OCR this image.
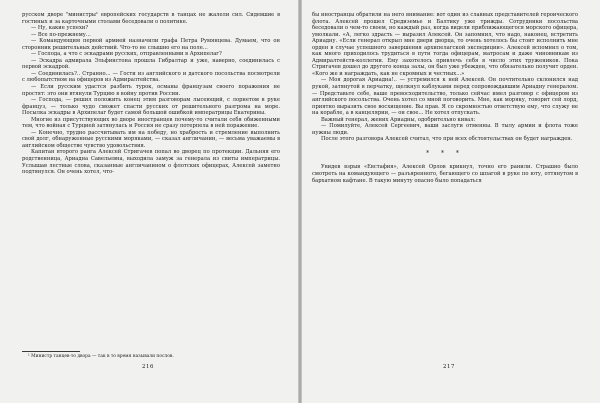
русском дворе "министры¹ европейских государств в танцах не жалели сил. Сидевшие в гостиных и за карточными столами беседовали о политике.

— Ну, какие успехи?

— Все по-прежнему...

— Командующим первой армией назначили графа Петра Румянцева. Думаем, что он сторонник решительных действий. Что-то не слышно его на поле...

— Господа, а что с эскадрами русских, отправленными в Архипелаг?

— Эскадра адмирала Эльфинстона прошла Гибралтар и уже, наверно, соединилась с первой эскадрой.

— Соединилась?.. Странно... — Гости из английского и датского посольства посмотрели с любопытством на офицеров из Адмиралтейства.

— Если русским удастся разбить турок, османы французам своего поражения не простят: это они втянули Турцию в войну против России.

— Господа, — решил положить конец этим разговорам лысеющий, с лорнетом в руке француз, — только чудо сможет спасти русских от решительного разгрома на море. Посылка эскадры в Архипелаг будет самой большой ошибкой императрицы Екатерины.

Многие из присутствующих во дворе иностранцев почему-то считали себя обиженными тем, что войная с Турцией затянулась и Россия не сразу потерпела в ней поражение.

— Конечно, трудно рассчитывать им на победу, но храбрость и стремление выполнить свой долг, обнаруженные русскими моряками, — сказал англичанин, — весьма уважаемы в английском обществе чувство удовольствия.

Капитан второго ранга Алексей Стригачев попал во дворец по протекции. Дальняя его родственница, Ариадна Савельевна, выходила замуж за генерала из свиты императрицы. Услышав лестные слова, сказанные англичанином о флотских офицерах, Алексей заметно подтянулся. Он очень хотел, что-

¹ Министр танцев-то двора — так в то время называли послов.
216

бы иностранцы обратили на него внимание: вот один из славных представителей героического флота. Алексей прошел Средиземье и Балтику уже трижды. Сотрудники посольства беседовали о чем-то своем, но каждый раз, когда видели приближающегося морского офицера, умолкали. «А, легко здрасть — выразил Алексей. Он запомнил, что надо, наконец, встретить Ариадну. «Если генерал открыл мне двери дворца, то очень хотелось бы стоит исполнить мне орден в случае успешного завершения архипелагской экспедиции». Алексей вспомнил о том, как много приходилось трудиться в пути тогда офицерам, матросам и даже чиновникам из Адмиралтейств-коллегии. Ему захотелось привлечь себя в число этих тружеников. Пока Стригачев дошел до другого конца залы, он был уже убежден, что обязательно получит орден. «Кого же и награждать, как не скромных и честных...»

— Моя дорогая Ариадна!.. — устремился к ней Алексей. Он почтительно склонился над рукой, затянутой в перчатку, щелкнул каблуками перед сопровождавшим Ариадну генералом. — Представьте себе, ваше превосходительство, только сейчас имел разговор с офицером из английского посольства. Очень хотел со мной поговорить. Мне, как моряку, говорит сей лорд, приятно выразить свое восхищение. Вы прав. Я со скромностью ответствую ему, что служу не на корабле, а в канцелярии, — он свое... Не хотел отпускать.

Важный генерал, жених Ариадны, одобрительно кивал:

— Помилуйте, Алексей Сергеевич, ваши заслуги отменны. В тылу армии и флота тоже нужны люди.

После этого разговора Алексей считал, что при всех обстоятельствах он будет награжден.

* * *

Увидев взрыв «Евстафия», Алексей Орлов крикнул, точно его ранили. Страшно было смотреть на командующего — разъяренного, бегающего со шпагой в руке по юту, оттянутом в бархатном кафтане. В такую минуту опасно было попадаться

217
